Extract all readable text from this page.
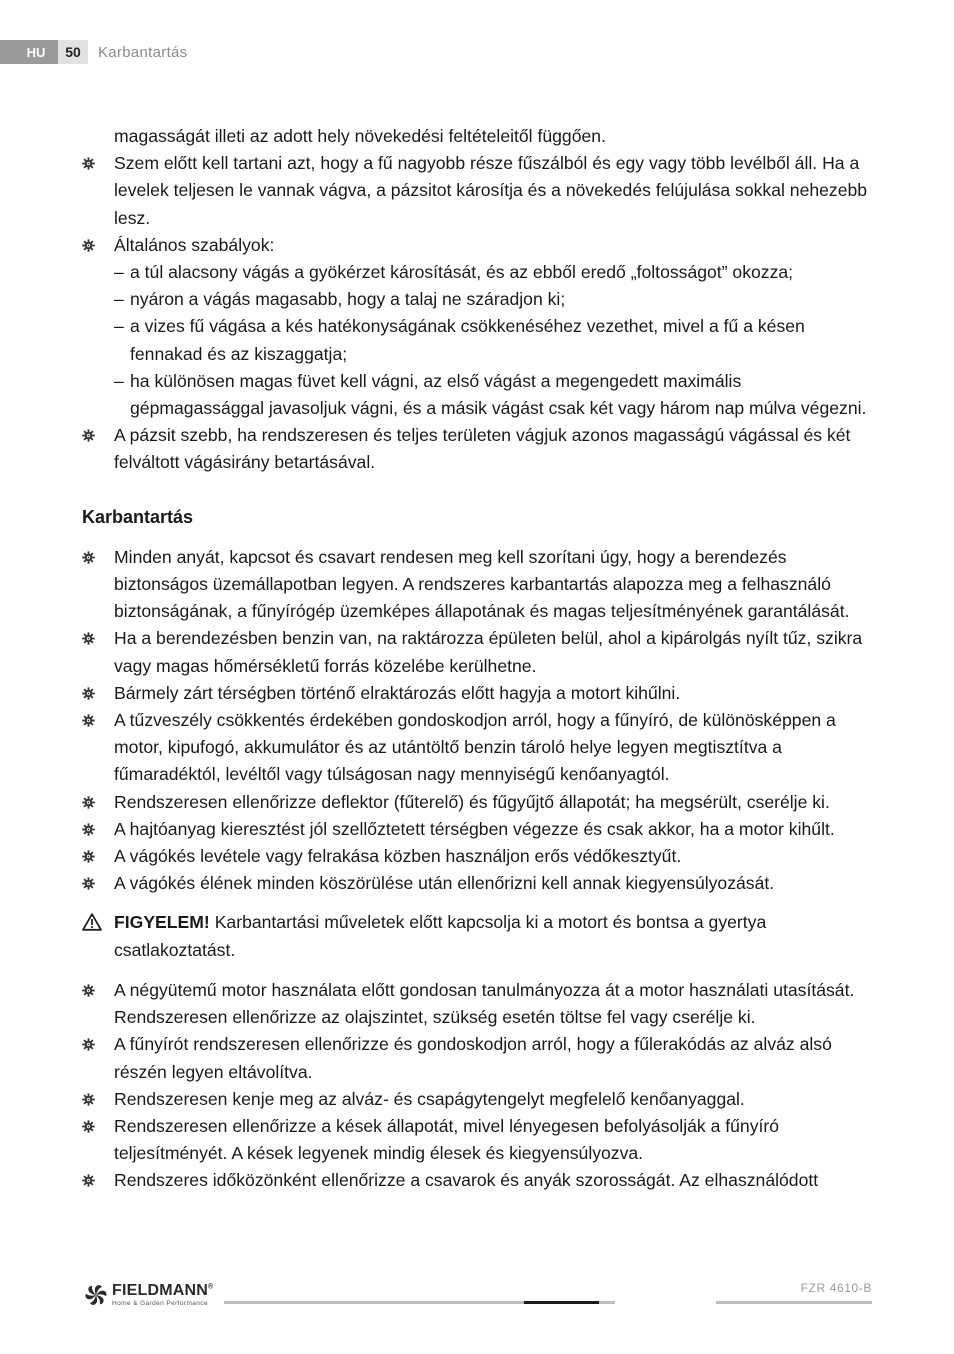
HU	50	Karbantartás

magasságát illeti az adott hely növekedési feltételeitől függően.

Szem előtt kell tartani azt, hogy a fű nagyobb része fűszálból és egy vagy több levélből áll. Ha a levelek teljesen le vannak vágva, a pázsitot károsítja és a növekedés felújulása sokkal nehezebb lesz.
Általános szabályok:
– a túl alacsony vágás a gyökérzet károsítását, és az ebből eredő „foltosságot” okozza;
– nyáron a vágás magasabb, hogy a talaj ne száradjon ki;
– a vizes fű vágása a kés hatékonyságának csökkenéséhez vezethet, mivel a fű a késen fennakad és az kiszaggatja;
– ha különösen magas füvet kell vágni, az első vágást a megengedett maximális gépmagassággal javasoljuk vágni, és a másik vágást csak két vagy három nap múlva végezni.
A pázsit szebb, ha rendszeresen és teljes területen vágjuk azonos magasságú vágással és két felváltott vágásirány betartásával.

Karbantartás

Minden anyát, kapcsot és csavart rendesen meg kell szorítani úgy, hogy a berendezés biztonságos üzemállapotban legyen. A rendszeres karbantartás alapozza meg a felhasználó biztonságának, a fűnyírógép üzemképes állapotának és magas teljesítményének garantálását.
Ha a berendezésben benzin van, na raktározza épületen belül, ahol a kipárolgás nyílt tűz, szikra vagy magas hőmérsékletű forrás közelébe kerülhetne.
Bármely zárt térségben történő elraktározás előtt hagyja a motort kihűlni.
A tűzveszély csökkentés érdekében gondoskodjon arról, hogy a fűnyíró, de különösképpen a motor, kipufogó, akkumulátor és az utántöltő benzin tároló helye legyen megtisztítva a fűmaradéktól, levéltől vagy túlságosan nagy mennyiségű kenőanyagtól.
Rendszeresen ellenőrizze deflektor (fűterelő) és fűgyűjtő állapotát; ha megsérült, cserélje ki.
A hajtóanyag kieresztést jól szellőztetett térségben végezze és csak akkor, ha a motor kihűlt.
A vágókés levétele vagy felrakása közben használjon erős védőkesztyűt.
A vágókés élének minden köszörülése után ellenőrizni kell annak kiegyensúlyozását.
FIGYELEM! Karbantartási műveletek előtt kapcsolja ki a motort és bontsa a gyertya csatlakoztatást.
A négyütemű motor használata előtt gondosan tanulmányozza át a motor használati utasítását. Rendszeresen ellenőrizze az olajszintet, szükség esetén töltse fel vagy cserélje ki.
A fűnyírót rendszeresen ellenőrizze és gondoskodjon arról, hogy a fűlerakódás az alváz alsó részén legyen eltávolítva.
Rendszeresen kenje meg az alváz- és csapágytengelyt megfelelő kenőanyaggal.
Rendszeresen ellenőrizze a kések állapotát, mivel lényegesen befolyásolják a fűnyíró teljesítményét. A kések legyenek mindig élesek és kiegyensúlyozva.
Rendszeres időközönként ellenőrizze a csavarok és anyák szorosságát. Az elhasználódott
FIELDMANN®
Home & Garden Performance
FZR 4610-B
